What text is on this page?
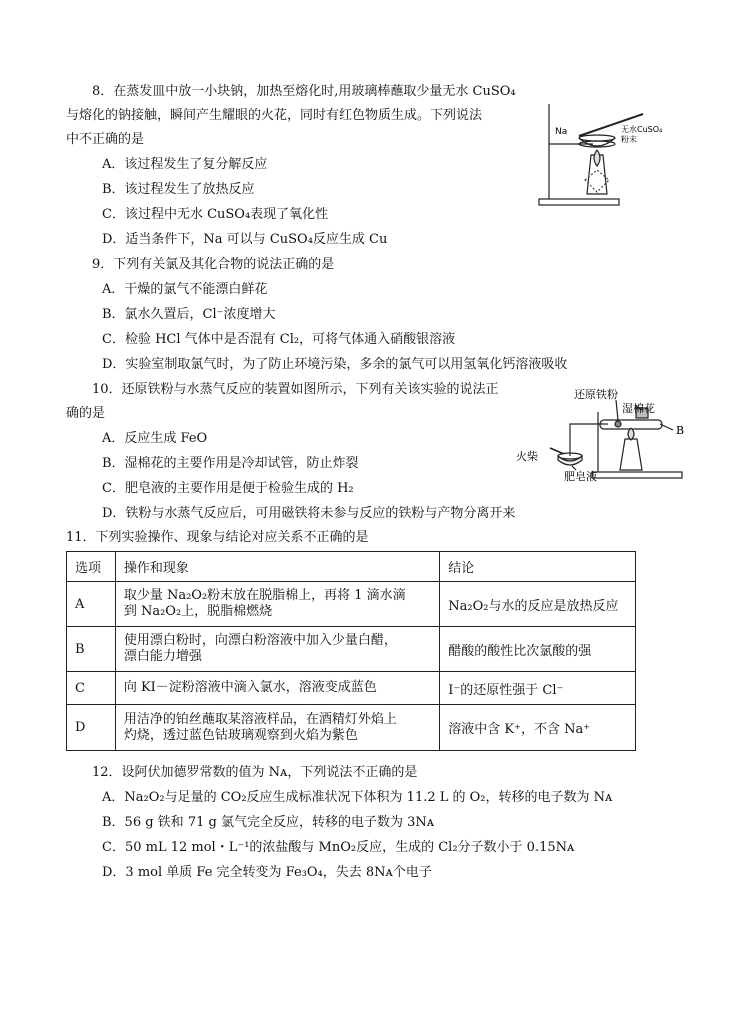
8．在蒸发皿中放一小块钠，加热至熔化时,用玻璃棒蘸取少量无水 CuSO₄
与熔化的钠接触，瞬间产生耀眼的火花，同时有红色物质生成。下列说法
中不正确的是
A．该过程发生了复分解反应
B．该过程发生了放热反应
C．该过程中无水 CuSO₄表现了氧化性
D．适当条件下，Na 可以与 CuSO₄反应生成 Cu
Na	无水CuSO₄
粉末
9．下列有关氯及其化合物的说法正确的是
A．干燥的氯气不能漂白鲜花
B．氯水久置后，Cl⁻浓度增大
C．检验 HCl 气体中是否混有 Cl₂，可将气体通入硝酸银溶液
D．实验室制取氯气时，为了防止环境污染，多余的氯气可以用氢氧化钙溶液吸收
10．还原铁粉与水蒸气反应的装置如图所示，下列有关该实验的说法正
确的是
A．反应生成 FeO
B．湿棉花的主要作用是冷却试管，防止炸裂
C．肥皂液的主要作用是便于检验生成的 H₂
D．铁粉与水蒸气反应后，可用磁铁将未参与反应的铁粉与产物分离开来
还原铁粉
湿棉花
B
火柴
肥皂液
11．下列实验操作、现象与结论对应关系不正确的是
选项	操作和现象	结论
A	取少量 Na₂O₂粉末放在脱脂棉上，再将 1 滴水滴
到 Na₂O₂上，脱脂棉燃烧	Na₂O₂与水的反应是放热反应
B	使用漂白粉时，向漂白粉溶液中加入少量白醋，
漂白能力增强	醋酸的酸性比次氯酸的强
C	向 KI－淀粉溶液中滴入氯水，溶液变成蓝色	I⁻的还原性强于 Cl⁻
D	用洁净的铂丝蘸取某溶液样品，在酒精灯外焰上
灼烧，透过蓝色钴玻璃观察到火焰为紫色	溶液中含 K⁺，不含 Na⁺
12．设阿伏加德罗常数的值为 Nᴀ，下列说法不正确的是
A．Na₂O₂与足量的 CO₂反应生成标准状况下体积为 11.2 L 的 O₂，转移的电子数为 Nᴀ
B．56 g 铁和 71 g 氯气完全反应，转移的电子数为 3Nᴀ
C．50 mL 12 mol・L⁻¹的浓盐酸与 MnO₂反应，生成的 Cl₂分子数小于 0.15Nᴀ
D．3 mol 单质 Fe 完全转变为 Fe₃O₄，失去 8Nᴀ个电子
